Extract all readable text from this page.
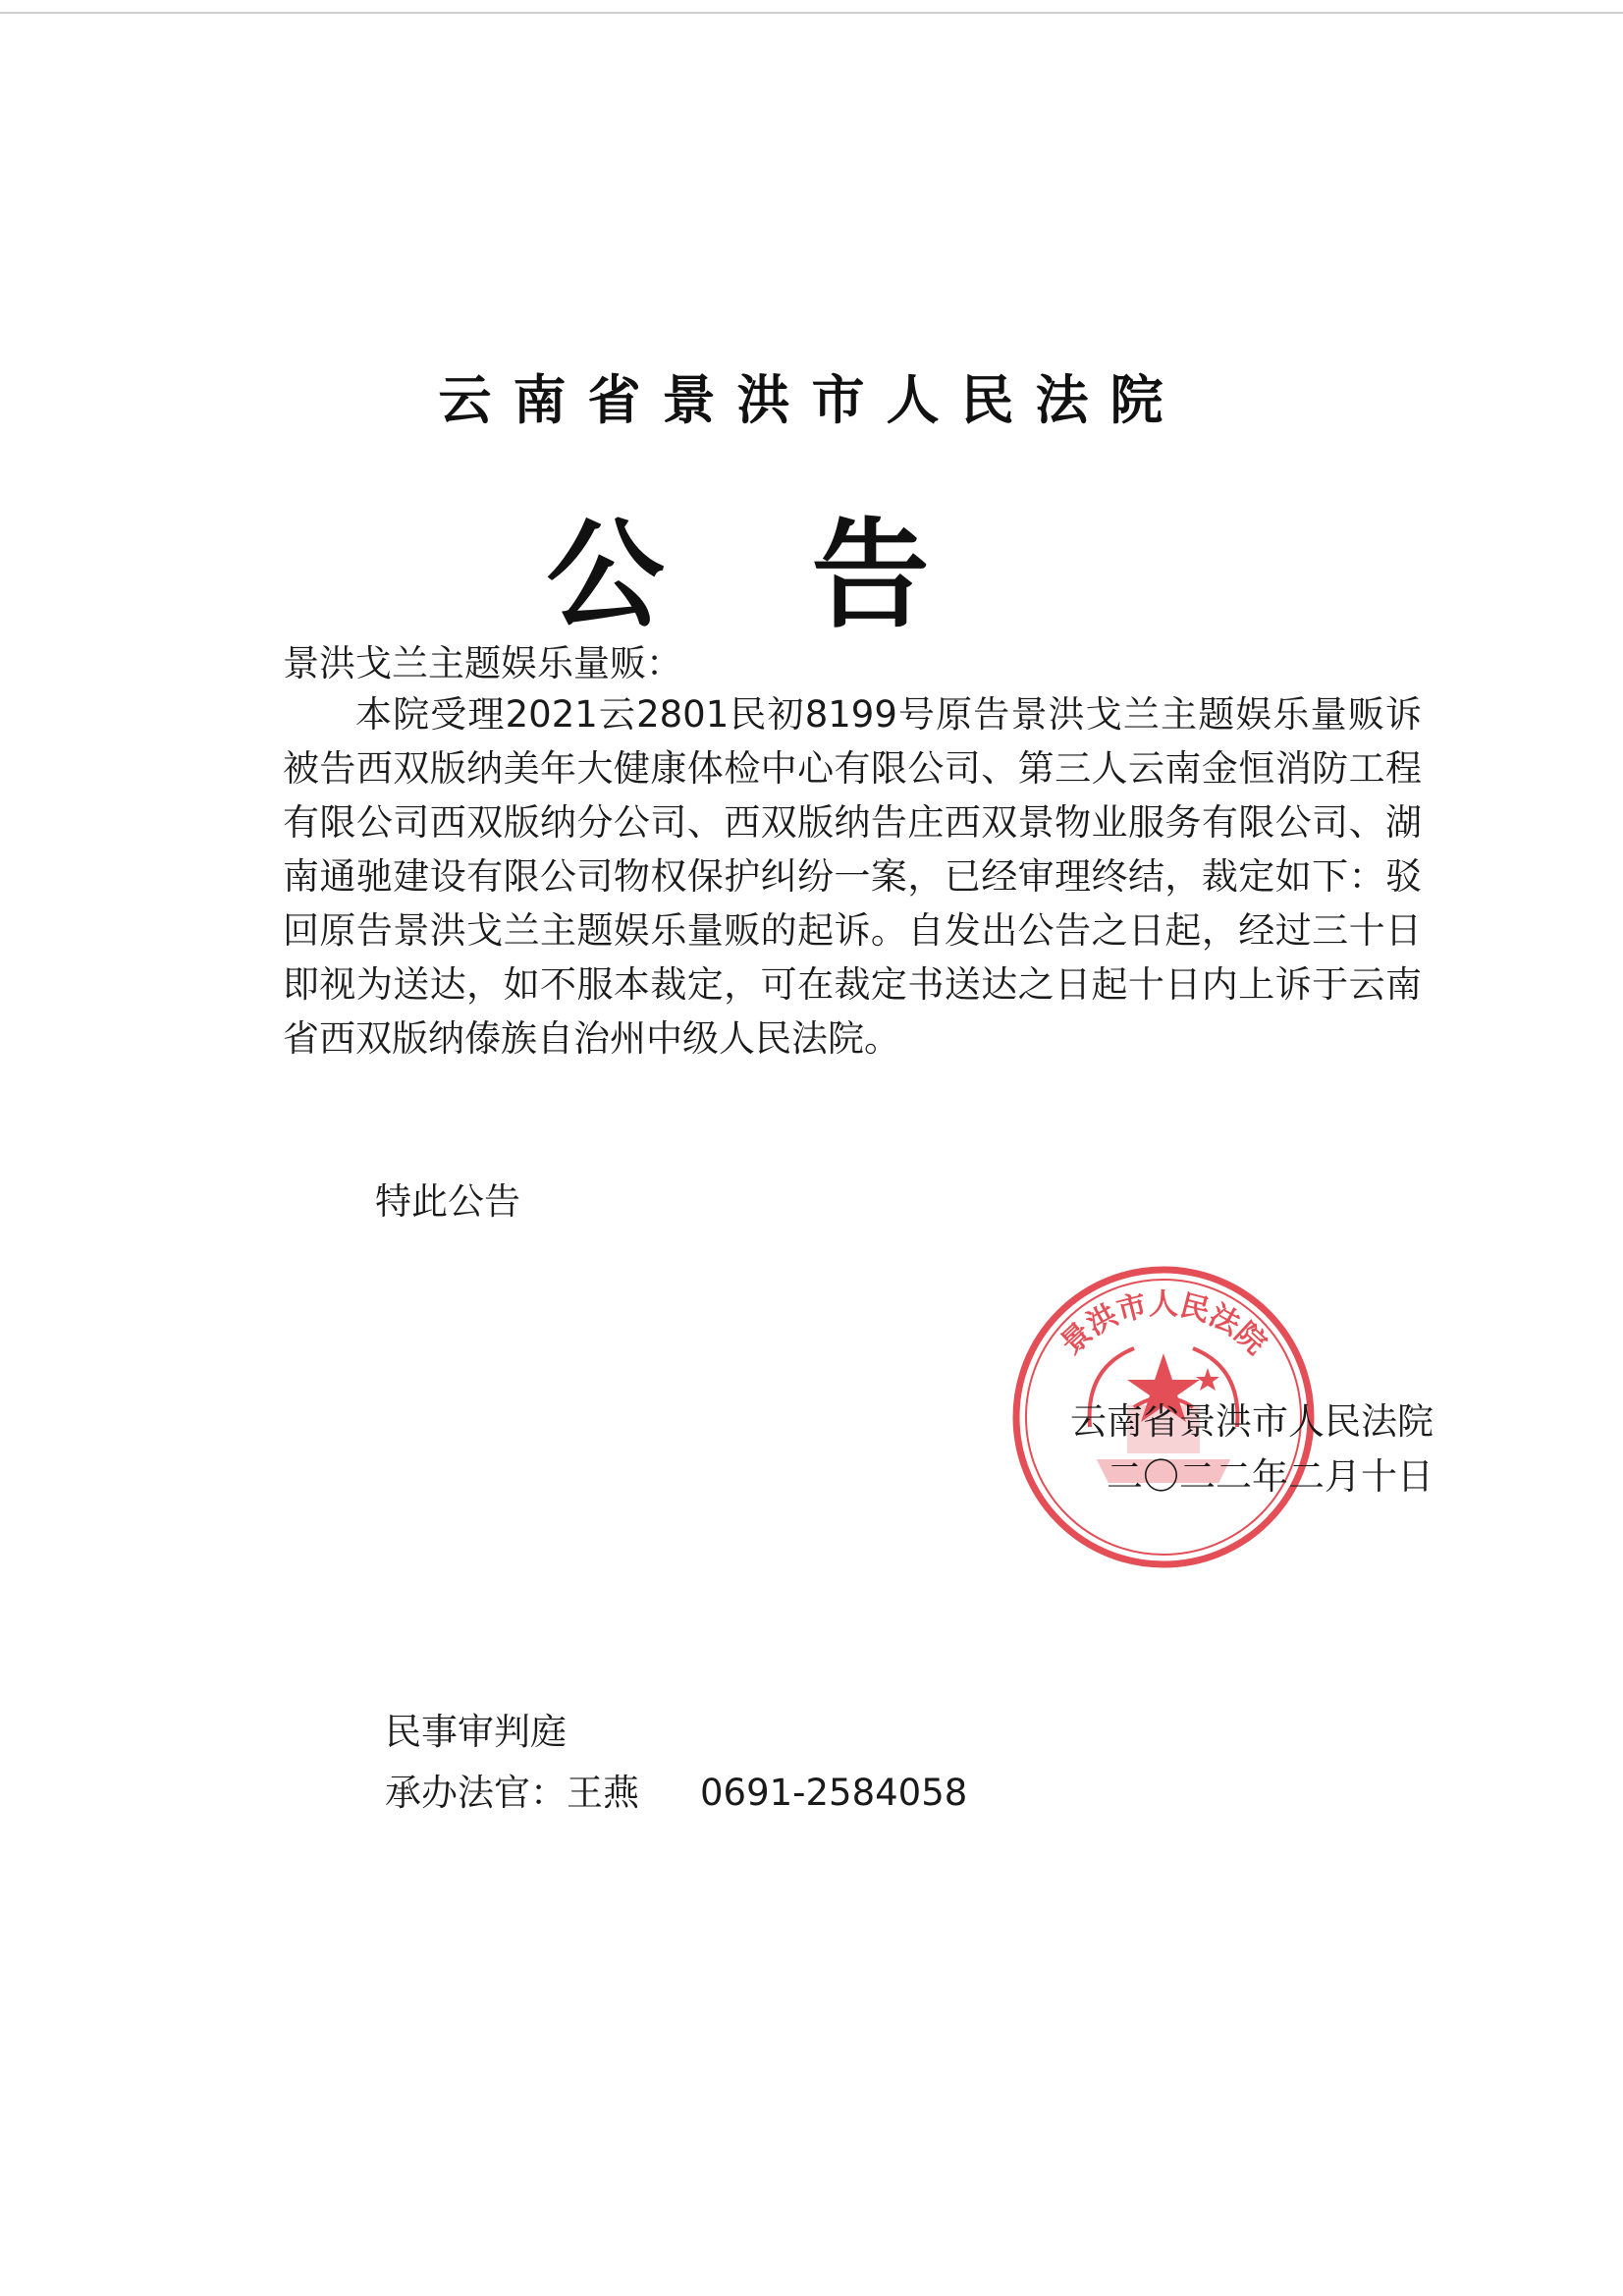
云南省景洪市人民法院
公告

景洪戈兰主题娱乐量贩：

本院受理2021云2801民初8199号原告景洪戈兰主题娱乐量贩诉被告西双版纳美年大健康体检中心有限公司、第三人云南金恒消防工程有限公司西双版纳分公司、西双版纳告庄西双景物业服务有限公司、湖南通驰建设有限公司物权保护纠纷一案，已经审理终结，裁定如下：驳回原告景洪戈兰主题娱乐量贩的起诉。自发出公告之日起，经过三十日即视为送达，如不服本裁定，可在裁定书送达之日起十日内上诉于云南省西双版纳傣族自治州中级人民法院。

特此公告

景洪市人民法院
云南省景洪市人民法院
二〇二二年二月十日
民事审判庭
承办法官：王燕 0691-2584058
